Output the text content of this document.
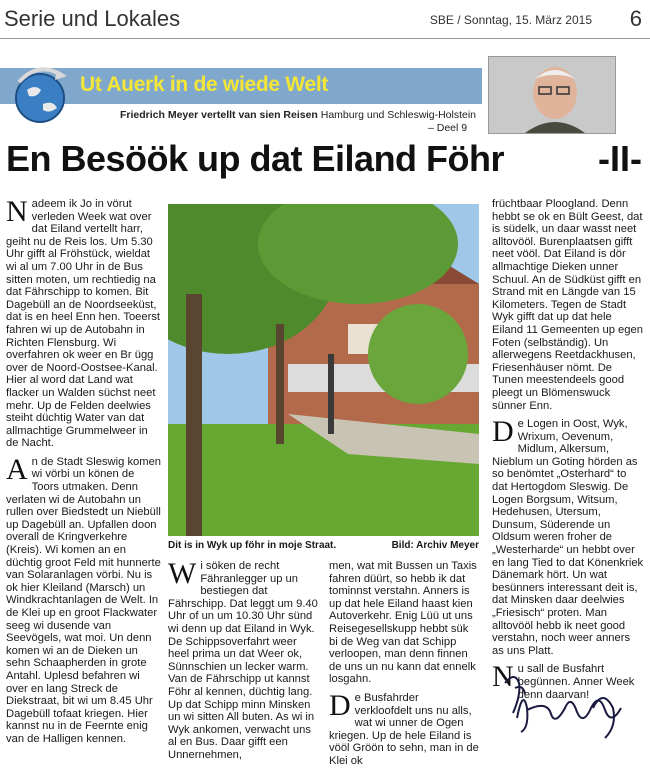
Serie und Lokales	SBE / Sonntag, 15. März 2015 6
Ut Auerk in de wiede Welt
Friedrich Meyer vertellt van sien Reisen Hamburg und Schleswig-Holstein
– Deel 9
En Besöök up dat Eiland Föhr	-II-

Nadeem ik Jo in vörut verleden Week wat over dat Eiland vertellt harr, geiht nu de Reis los. Um 5.30 Uhr gifft al Fröhstück, wieldat wi al um 7.00 Uhr in de Bus sitten moten, um rechtiedig na dat Fährschipp to komen. Bit Dagebüll an de Noordseeküst, dat is en heel Enn hen. Toeerst fahren wi up de Autobahn in Richten Flensburg. Wi overfahren ok weer en Br ügg over de Noord-Oostsee-Kanal. Hier al word dat Land wat flacker un Walden süchst neet mehr. Up de Felden deelwies steiht düchtig Water van dat allmachtige Grummelweer in de Nacht.

An de Stadt Sleswig komen wi vörbi un könen de Toors utmaken. Denn verlaten wi de Autobahn un rullen over Biedstedt un Niebüll up Dagebüll an. Upfallen doon overall de Kringverkehre (Kreis). Wi komen an en düchtig groot Feld mit hunnerte van Solaranlagen vörbi. Nu is ok hier Kleiland (Marsch) un Windkrachtanlagen de Welt. In de Klei up en groot Flackwater seeg wi dusende van Seevögels, wat moi. Un denn komen wi an de Dieken un sehn Schaapherden in grote Antahl. Uplesd befahren wi over en lang Streck de Diekstraat, bit wi um 8.45 Uhr Dagebüll tofaat kriegen. Hier kannst nu in de Feernte enig van de Halligen kennen.

Dit is in Wyk up föhr in moje Straat.	Bild: Archiv Meyer

Wi söken de recht Fähranlegger up un bestiegen dat Fährschipp. Dat leggt um 9.40 Uhr of un um 10.30 Uhr sünd wi denn up dat Eiland in Wyk. De Schippsoverfahrt weer heel prima un dat Weer ok, Sünnschien un lecker warm. Van de Fährschipp ut kannst Föhr al kennen, düchtig lang. Up dat Schipp minn Minsken un wi sitten All buten. As wi in Wyk ankomen, verwacht uns al en Bus. Daar gifft een Unnernehmen,

men, wat mit Bussen un Taxis fahren düürt, so hebb ik dat tominnst verstahn. Anners is up dat hele Eiland haast kien Autoverkehr. Enig Lüü ut uns Reisegesellskupp hebbt sük bi de Weg van dat Schipp verloopen, man denn finnen de uns un nu kann dat ennelk losgahn.

De Busfahrder verkloofdelt uns nu alls, wat wi unner de Ogen kriegen. Up de hele Eiland is vööl Gröön to sehn, man in de Klei ok

früchtbaar Ploogland. Denn hebbt se ok en Bült Geest, dat is südelk, un daar wasst neet alltovööl. Burenplaatsen gifft neet vööl. Dat Eiland is dör allmachtige Dieken unner Schuul. An de Südküst gifft en Strand mit en Längde van 15 Kilometers. Tegen de Stadt Wyk gifft dat up dat hele Eiland 11 Gemeenten up egen Foten (selbständig). Un allerwegens Reetdackhusen, Friesenhäuser nömt. De Tunen meestendeels good pleegt un Blömenswuck sünner Enn.

De Logen in Oost, Wyk, Wrixum, Oevenum, Midlum, Alkersum, Nieblum un Goting hörden as so benömtet „Osterhard“ to dat Hertogdom Sleswig. De Logen Borgsum, Witsum, Hedehusen, Utersum, Dunsum, Süderende un Oldsum weren froher de „Westerharde“ un hebbt over en lang Tied to dat Könenkriek Dänemark hört. Un wat besünners interessant deit is, dat Minsken daar deelwies „Friesisch“ proten. Man alltovööl hebb ik neet good verstahn, noch weer anners as uns Platt.

Nu sall de Busfahrt begünnen. Anner Week denn daarvan!
